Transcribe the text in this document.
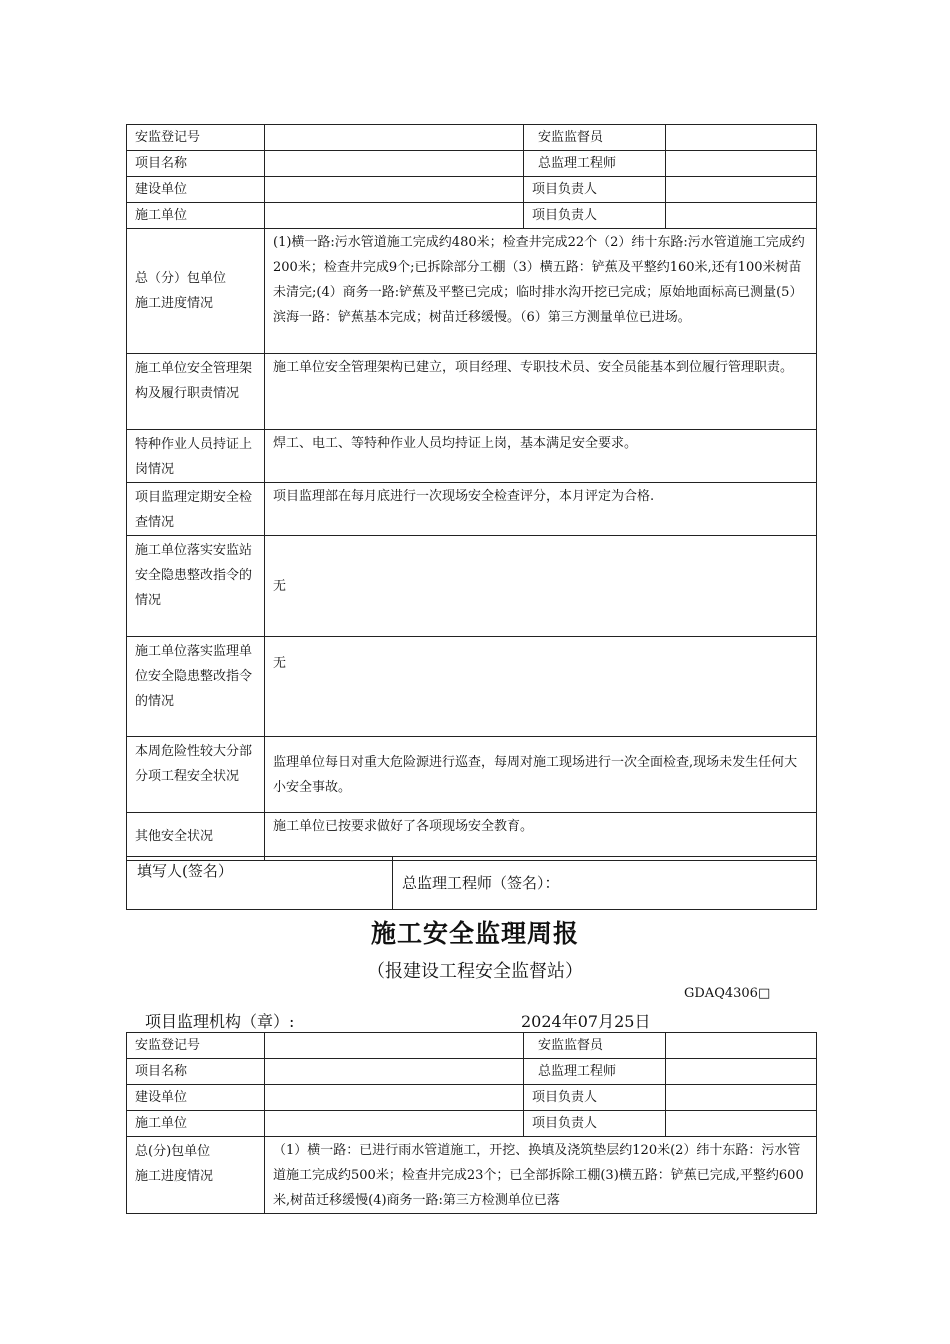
安监登记号		安监监督员	
项目名称		总监理工程师	
建设单位		项目负责人	
施工单位		项目负责人	
总（分）包单位
施工进度情况	(1)横一路:污水管道施工完成约480米；检查井完成22个（2）纬十东路:污水管道施工完成约200米；检查井完成9个;已拆除部分工棚（3）横五路：铲蕉及平整约160米,还有100米树苗未清完;(4）商务一路:铲蕉及平整已完成；临时排水沟开挖已完成；原始地面标高已测量(5）滨海一路：铲蕉基本完成；树苗迁移缓慢。（6）第三方测量单位已进场。		
施工单位安全管理架构及履行职责情况	施工单位安全管理架构已建立，项目经理、专职技术员、安全员能基本到位履行管理职责。		
特种作业人员持证上岗情况	焊工、电工、等特种作业人员均持证上岗，基本满足安全要求。		
项目监理定期安全检查情况	项目监理部在每月底进行一次现场安全检查评分，本月评定为合格.		
施工单位落实安监站安全隐患整改指令的情况	无		
施工单位落实监理单位安全隐患整改指令的情况	无		
本周危险性较大分部分项工程安全状况	监理单位每日对重大危险源进行巡查，每周对施工现场进行一次全面检查,现场未发生任何大小安全事故。		
其他安全状况	施工单位已按要求做好了各项现场安全教育。		
填写人(签名）	总监理工程师（签名）：
施工安全监理周报
（报建设工程安全监督站）
GDAQ4306□
项目监理机构（章）:	2024年07月25日
安监登记号		安监监督员	
项目名称		总监理工程师	
建设单位		项目负责人	
施工单位		项目负责人	
总(分)包单位
施工进度情况	（1）横一路：已进行雨水管道施工，开挖、换填及浇筑垫层约120米(2）纬十东路：污水管道施工完成约500米；检查井完成23个；已全部拆除工棚(3)横五路：铲蕉已完成,平整约600米,树苗迁移缓慢(4)商务一路:第三方检测单位已落		
